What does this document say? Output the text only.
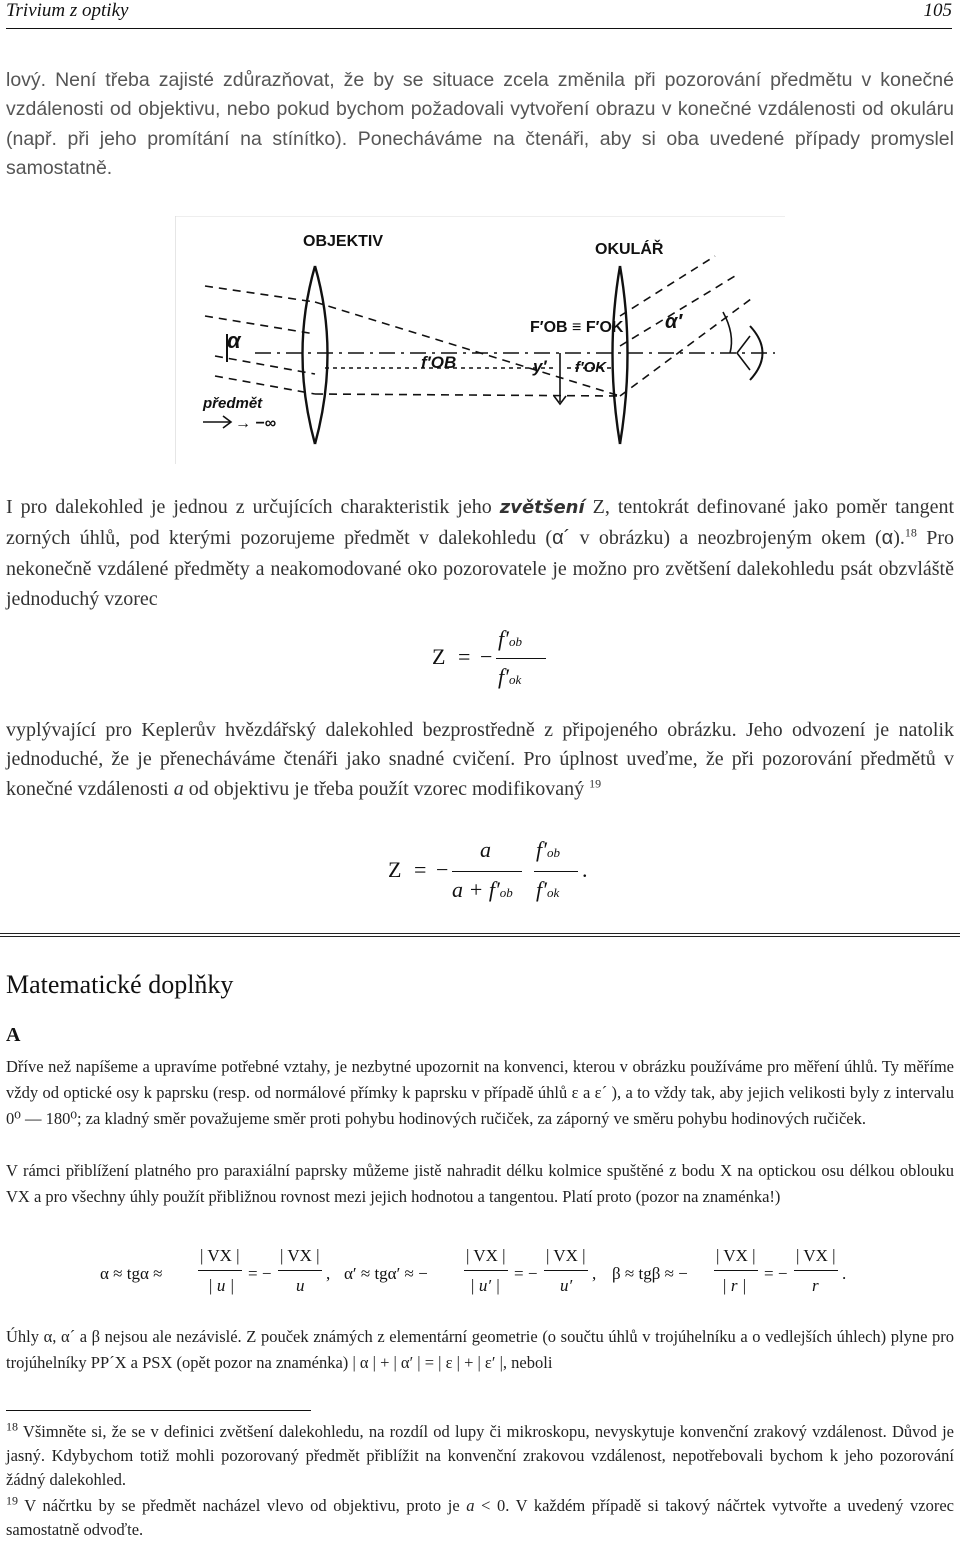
Trivium z optiky	105
lový. Není třeba zajisté zdůrazňovat, že by se situace zcela změnila při pozorování předmětu v konečné vzdálenosti od objektivu, nebo pokud bychom požadovali vytvoření obrazu v konečné vzdálenosti od okuláru (např. při jeho promítání na stínítko). Ponecháváme na čtenáři, aby si oba uvedené případy promyslel samostatně.
OBJEKTIV	OKULÁŘ
α
F′OB ≡ F′OK
f′OB	y′ f′OK
α′
předmět
→ −∞
I pro dalekohled je jednou z určujících charakteristik jeho zvětšení Z, tentokrát definované jako poměr tangent zorných úhlů, pod kterými pozorujeme předmět v dalekohledu (α´ v obrázku) a neozbrojeným okem (α).$^{18}$ Pro nekonečně vzdálené předměty a neakomodované oko pozorovatele je možno pro zvětšení dalekohledu psát obzvláště jednoduchý vzorec
Z = −
f′ob
f′ok
vyplývající pro Keplerův hvězdářský dalekohled bezprostředně z připojeného obrázku. Jeho odvození je natolik jednoduché, že je přenecháváme čtenáři jako snadné cvičení. Pro úplnost uveďme, že při pozorování předmětů v konečné vzdálenosti a od objektivu je třeba použít vzorec modifikovaný $^{19}$
Z = −
a
a + f′ob
f′ob
f′ok
.
Matematické doplňky
A
Dříve než napíšeme a upravíme potřebné vztahy, je nezbytné upozornit na konvenci, kterou v obrázku používáme pro měření úhlů. Ty měříme vždy od optické osy k paprsku (resp. od normálové přímky k paprsku v případě úhlů ε a ε´ ), a to vždy tak, aby jejich velikosti byly z intervalu 0⁰ — 180⁰; za kladný směr považujeme směr proti pohybu hodinových ručiček, za záporný ve směru pohybu hodinových ručiček.
V rámci přiblížení platného pro paraxiální paprsky můžeme jistě nahradit délku kolmice spuštěné z bodu X na optickou osu délkou oblouku VX a pro všechny úhly použít přibližnou rovnost mezi jejich hodnotou a tangentou. Platí proto (pozor na znaménka!)
α ≈ tgα ≈
| VX |
| u |
= −
| VX |
u
, α′ ≈ tgα′ ≈ −
| VX |
| u′ |
= −
| VX |
u′
, β ≈ tgβ ≈ −
| VX |
| r |
= −
| VX |
r
.
Úhly α, α´ a β nejsou ale nezávislé. Z pouček známých z elementární geometrie (o součtu úhlů v trojúhelníku a o vedlejších úhlech) plyne pro trojúhelníky PP´X a PSX (opět pozor na znaménka) | α | + | α′ | = | ε | + | ε′ |, neboli
$^{18}$ Všimněte si, že se v definici zvětšení dalekohledu, na rozdíl od lupy či mikroskopu, nevyskytuje konvenční zrakový vzdálenost. Důvod je jasný. Kdybychom totiž mohli pozorovaný předmět přiblížit na konvenční zrakovou vzdálenost, nepotřebovali bychom k jeho pozorování žádný dalekohled.
$^{19}$ V náčrtku by se předmět nacházel vlevo od objektivu, proto je a < 0. V každém případě si takový náčrtek vytvořte a uvedený vzorec samostatně odvoďte.
